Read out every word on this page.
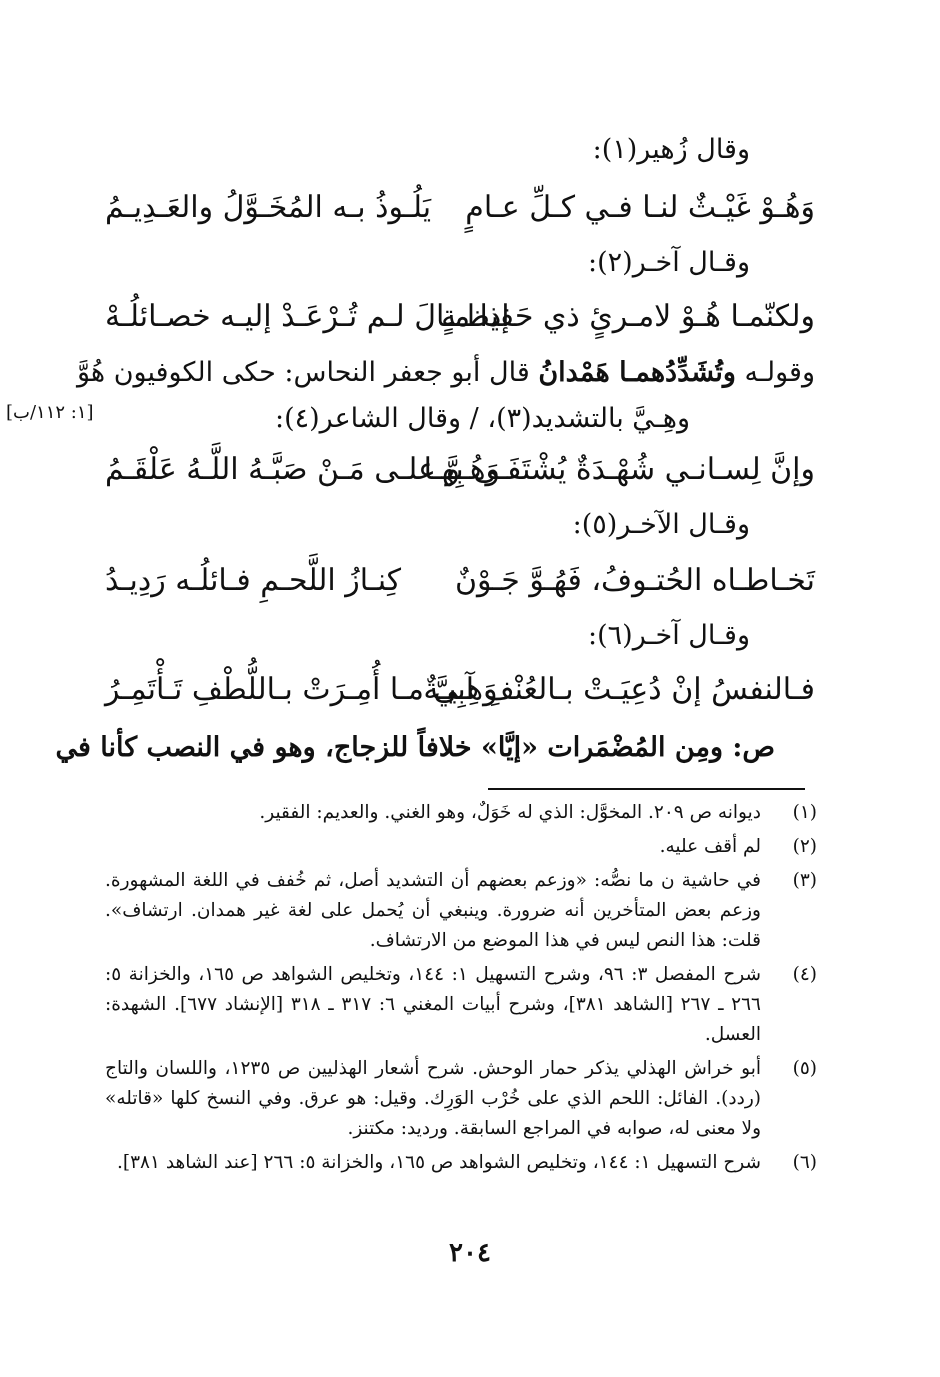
وقال زُهير(١):
وَهُـوْ غَيْـثٌ لنـا فـي كـلِّ عـامٍ
يَلُـوذُ بـه المُخَـوَّلُ والعَـدِيـمُ
وقـال آخـر(٢):
ولكنّمـا هُـوْ لامـرئٍ ذي حَفيظـةٍ
إذا مـالَ لـم تُـرْعَـدْ إليـه خصـائلُـهْ
وقولـه وتُشَدِّدُهمـا هَمْدانُ قال أبو جعفر النحاس: حكى الكوفيون هُوَّ
وهِـيَّ بالتشديد(٣)، / وقال الشاعر(٤):
[١: ١١٢/ب]
وإنَّ لِسـانـي شُهْـدَةٌ يُشْتَفَـى بِهـا
وَهُـوَّ علـى مَـنْ صَبَّـهُ اللَّـهُ عَلْقَـمُ
وقـال الآخـر(٥):
تَخـاطـاه الحُتـوفُ، فَهُـوَّ جَـوْنٌ
كِنـازُ اللَّحـمِ فـائلُـه رَدِيـدُ
وقـال آخـر(٦):
فـالنفسُ إنْ دُعِيَـتْ بـالعُنْفِ آبِيـةٌ
وَهِـيَّ مـا أُمِـرَتْ بـاللُّطْفِ تَـأْتَمِـرُ
ص: ومِن المُضْمَرات «إيَّا» خلافاً للزجاج، وهو في النصب كأنا في
(١)
ديوانه ص ٢٠٩. المخوَّل: الذي له خَوَلٌ، وهو الغني. والعديم: الفقير.
(٢)
لم أقف عليه.
(٣)
في حاشية ن ما نصُّه: «وزعم بعضهم أن التشديد أصل، ثم خُفف في اللغة المشهورة. وزعم بعض المتأخرين أنه ضرورة. وينبغي أن يُحمل على لغة غير همدان. ارتشاف». قلت: هذا النص ليس في هذا الموضع من الارتشاف.
(٤)
شرح المفصل ٣: ٩٦، وشرح التسهيل ١: ١٤٤، وتخليص الشواهد ص ١٦٥، والخزانة ٥: ٢٦٦ ـ ٢٦٧ [الشاهد ٣٨١]، وشرح أبيات المغني ٦: ٣١٧ ـ ٣١٨ [الإنشاد ٦٧٧]. الشهدة: العسل.
(٥)
أبو خراش الهذلي يذكر حمار الوحش. شرح أشعار الهذليين ص ١٢٣٥، واللسان والتاج (ردد). الفائل: اللحم الذي على خُرْب الوَرِك. وقيل: هو عرق. وفي النسخ كلها «قاتله» ولا معنى له، صوابه في المراجع السابقة. ورديد: مكتنز.
(٦)
شرح التسهيل ١: ١٤٤، وتخليص الشواهد ص ١٦٥، والخزانة ٥: ٢٦٦ [عند الشاهد ٣٨١].
٢٠٤
